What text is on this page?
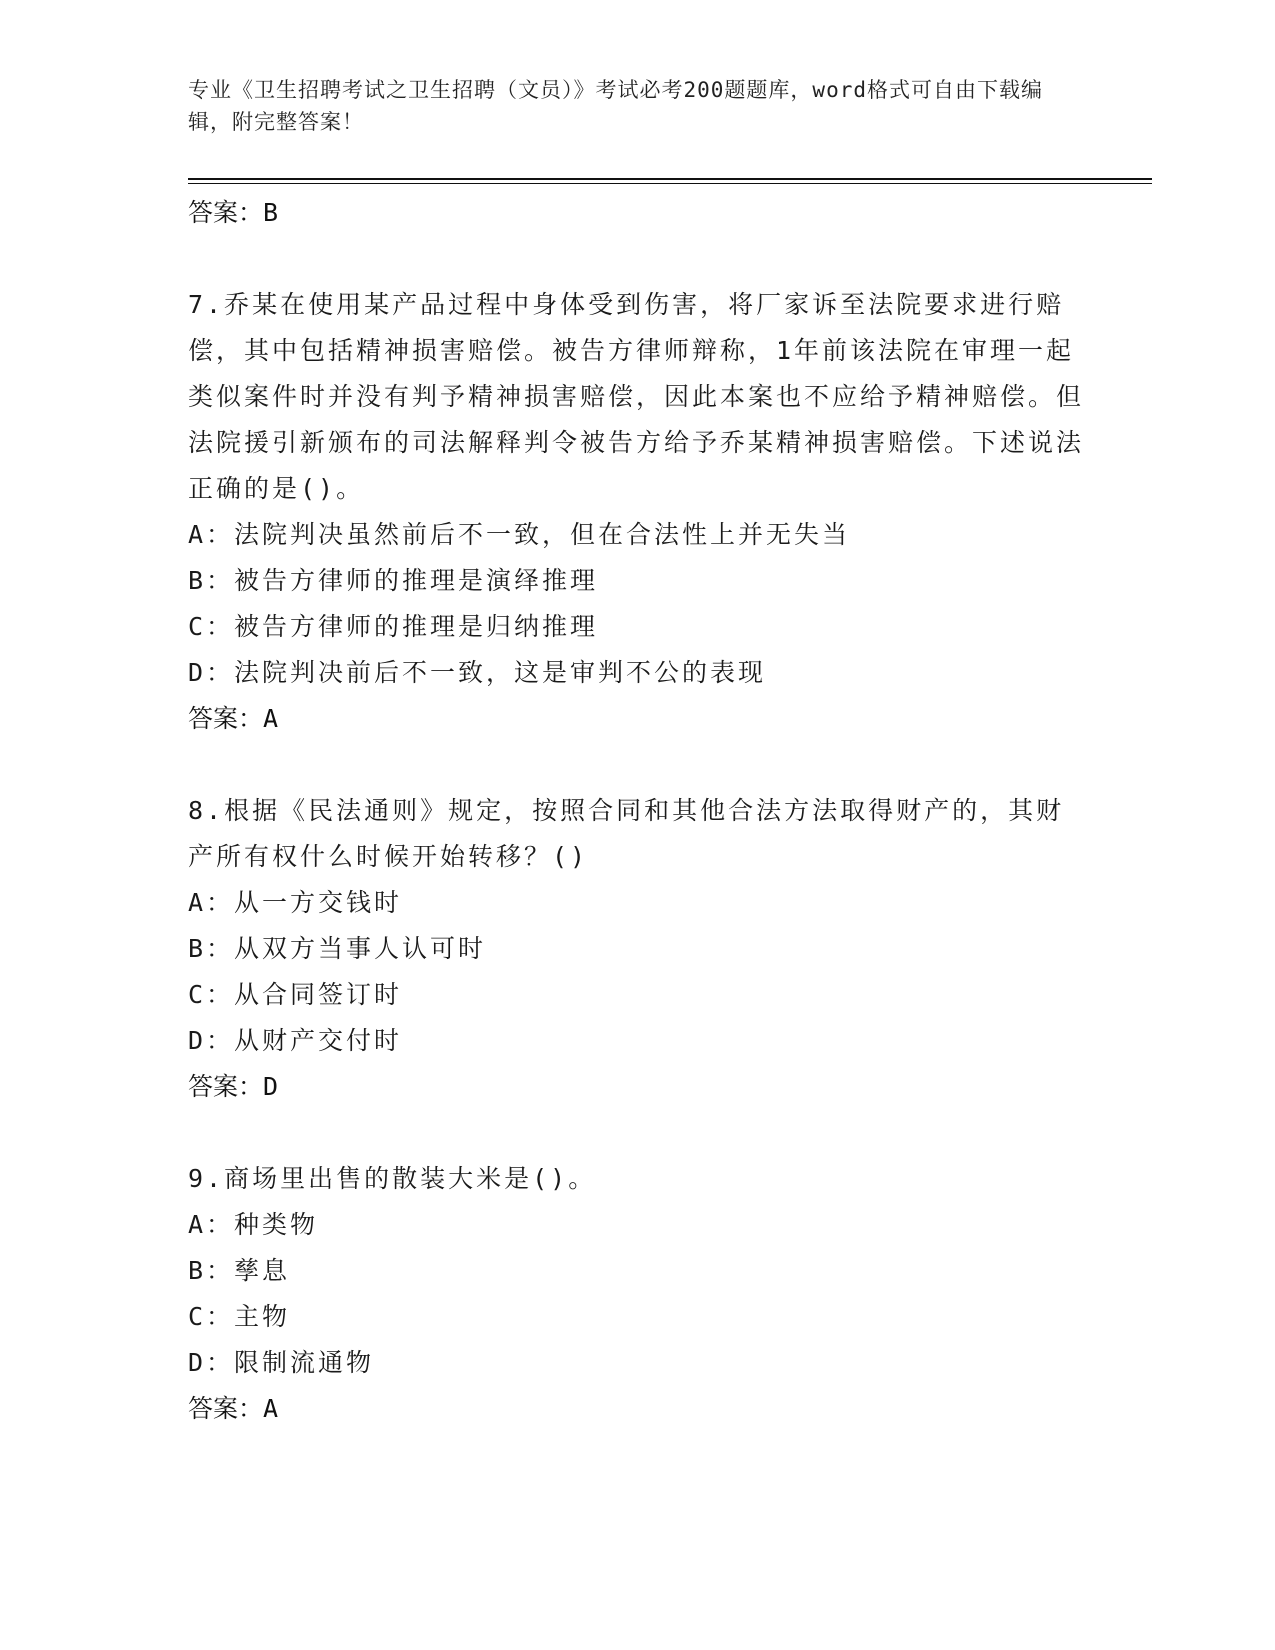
专业《卫生招聘考试之卫生招聘（文员）》考试必考200题题库，word格式可自由下载编辑，附完整答案！
答案：B

7.乔某在使用某产品过程中身体受到伤害，将厂家诉至法院要求进行赔偿，其中包括精神损害赔偿。被告方律师辩称，1年前该法院在审理一起类似案件时并没有判予精神损害赔偿，因此本案也不应给予精神赔偿。但法院援引新颁布的司法解释判令被告方给予乔某精神损害赔偿。下述说法正确的是()。

A：法院判决虽然前后不一致，但在合法性上并无失当
B：被告方律师的推理是演绎推理
C：被告方律师的推理是归纳推理
D：法院判决前后不一致，这是审判不公的表现
答案：A

8.根据《民法通则》规定，按照合同和其他合法方法取得财产的，其财产所有权什么时候开始转移？()

A：从一方交钱时
B：从双方当事人认可时
C：从合同签订时
D：从财产交付时
答案：D

9.商场里出售的散装大米是()。

A：种类物
B：孳息
C：主物
D：限制流通物
答案：A
